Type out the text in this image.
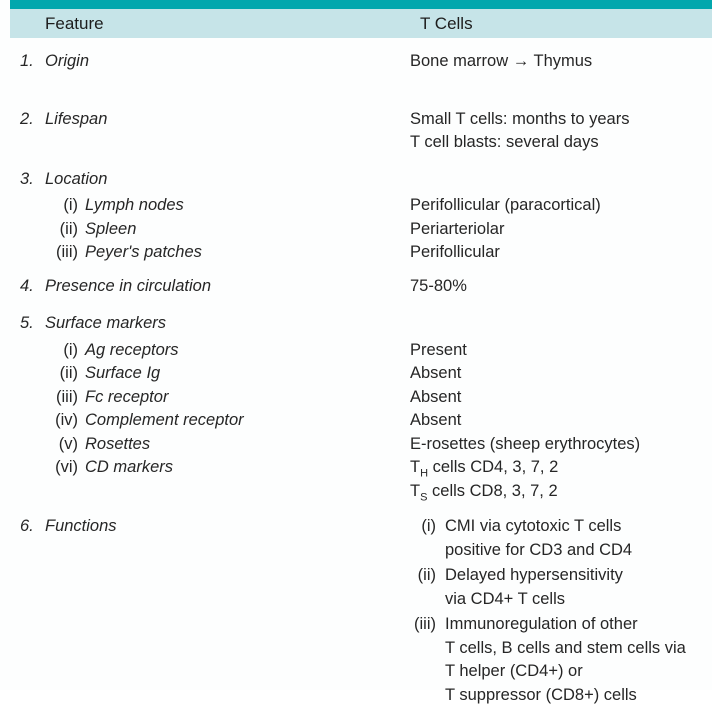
Feature	T Cells
1. Origin	Bone marrow → Thymus
2. Lifespan	Small T cells: months to years
T cell blasts: several days
3. Location
(i) Lymph nodes	Perifollicular (paracortical)
(ii) Spleen	Periarteriolar
(iii) Peyer's patches	Perifollicular
4. Presence in circulation	75-80%
5. Surface markers
(i) Ag receptors	Present
(ii) Surface Ig	Absent
(iii) Fc receptor	Absent
(iv) Complement receptor	Absent
(v) Rosettes	E-rosettes (sheep erythrocytes)
(vi) CD markers	$T_H$ cells CD4, 3, 7, 2
$T_S$ cells CD8, 3, 7, 2
6. Functions	(i) CMI via cytotoxic T cells
positive for CD3 and CD4
(ii) Delayed hypersensitivity
via CD4+ T cells
(iii) Immunoregulation of other
T cells, B cells and stem cells via
T helper (CD4+) or
T suppressor (CD8+) cells
